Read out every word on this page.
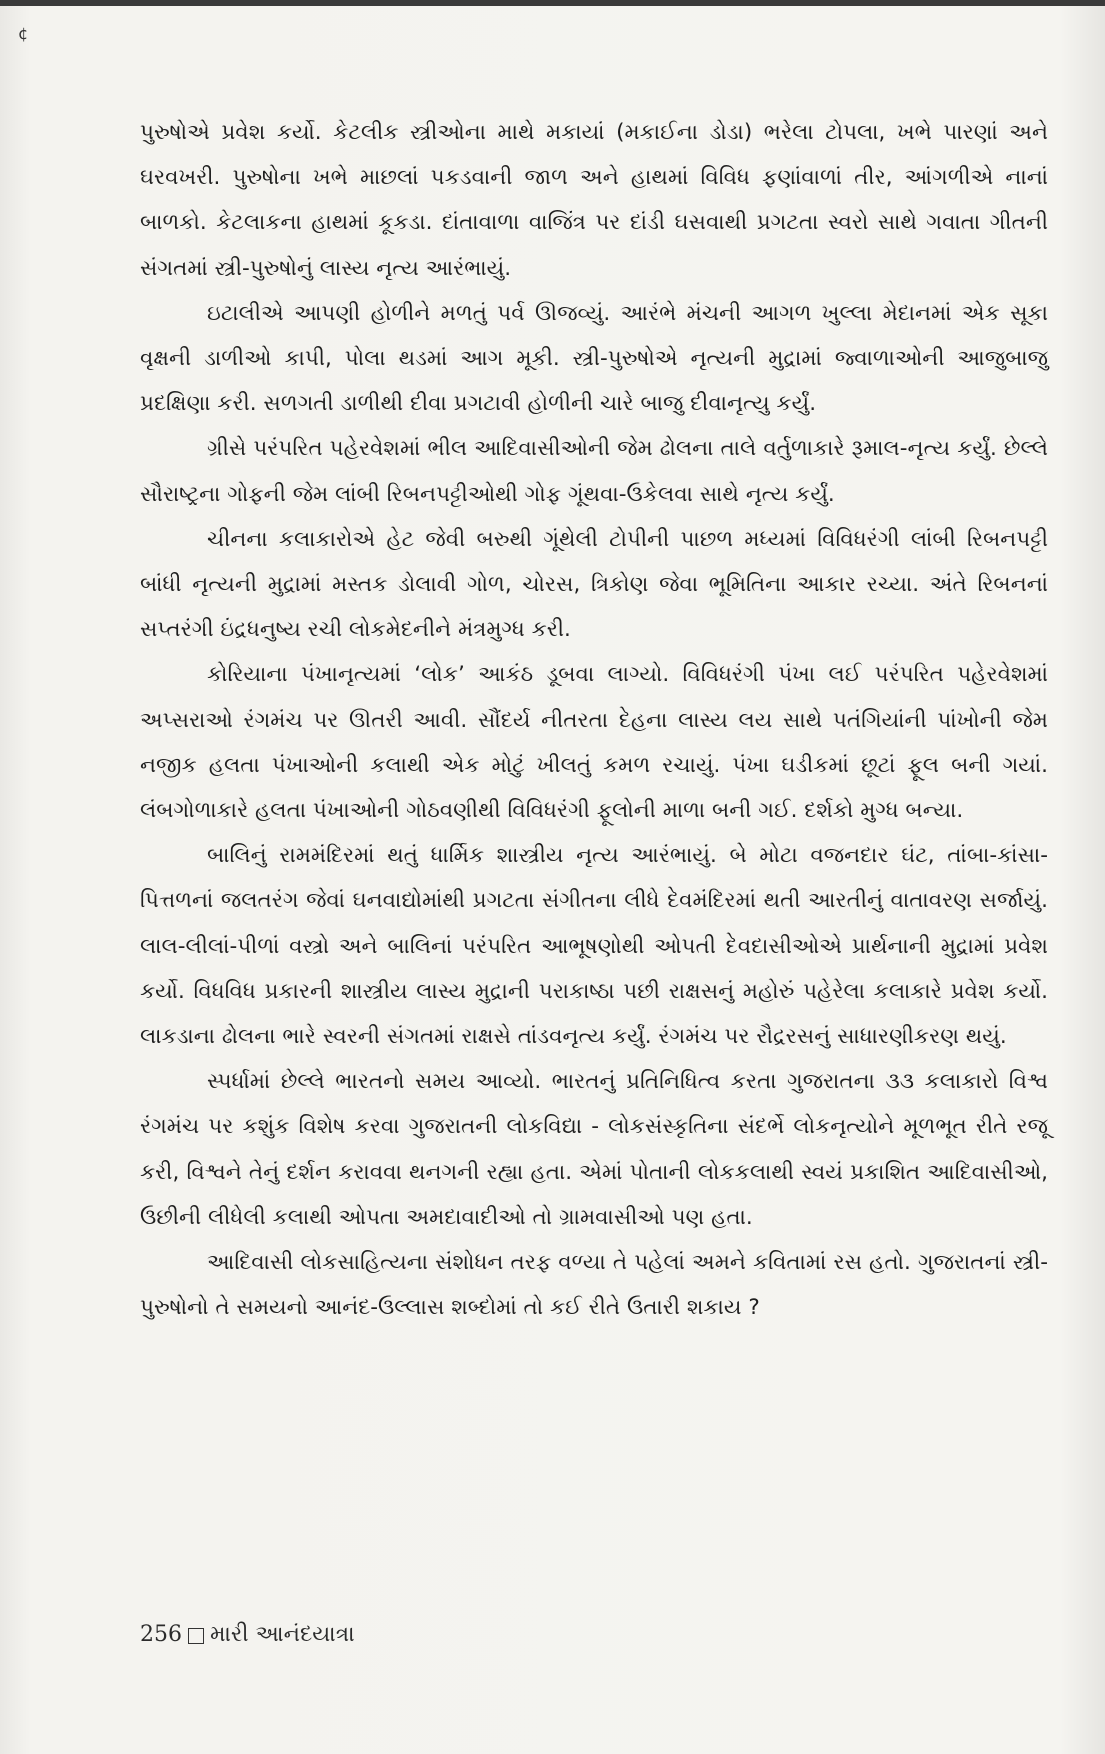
¢

પુરુષોએ પ્રવેશ કર્યો. કેટલીક સ્ત્રીઓના માથે મકાયાં (મકાઈના ડોડા) ભરેલા ટોપલા, ખભે પારણાં અને ઘરવખરી. પુરુષોના ખભે માછલાં પકડવાની જાળ અને હાથમાં વિવિધ ફણાંવાળાં તીર, આંગળીએ નાનાં બાળકો. કેટલાકના હાથમાં કૂકડા. દાંતાવાળા વાજિંત્ર પર દાંડી ઘસવાથી પ્રગટતા સ્વરો સાથે ગવાતા ગીતની સંગતમાં સ્ત્રી-પુરુષોનું લાસ્ય નૃત્ય આરંભાયું.

ઇટાલીએ આપણી હોળીને મળતું પર્વ ઊજવ્યું. આરંભે મંચની આગળ ખુલ્લા મેદાનમાં એક સૂકા વૃક્ષની ડાળીઓ કાપી, પોલા થડમાં આગ મૂકી. સ્ત્રી-પુરુષોએ નૃત્યની મુદ્રામાં જ્વાળાઓની આજુબાજુ પ્રદક્ષિણા કરી. સળગતી ડાળીથી દીવા પ્રગટાવી હોળીની ચારે બાજુ દીવાનૃત્યુ કર્યું.

ગ્રીસે પરંપરિત પહેરવેશમાં ભીલ આદિવાસીઓની જેમ ઢોલના તાલે વર્તુળાકારે રૂમાલ-નૃત્ય કર્યું. છેલ્લે સૌરાષ્ટ્રના ગોફની જેમ લાંબી રિબનપટ્ટીઓથી ગોફ ગૂંથવા-ઉકેલવા સાથે નૃત્ય કર્યું.

ચીનના કલાકારોએ હેટ જેવી બરુથી ગૂંથેલી ટોપીની પાછળ મધ્યમાં વિવિધરંગી લાંબી રિબનપટ્ટી બાંધી નૃત્યની મુદ્રામાં મસ્તક ડોલાવી ગોળ, ચોરસ, ત્રિકોણ જેવા ભૂમિતિના આકાર રચ્યા. અંતે રિબનનાં સપ્તરંગી ઇંદ્રધનુષ્ય રચી લોકમેદનીને મંત્રમુગ્ધ કરી.

કોરિયાના પંખાનૃત્યમાં ‘લોક’ આકંઠ ડૂબવા લાગ્યો. વિવિધરંગી પંખા લઈ પરંપરિત પહેરવેશમાં અપ્સરાઓ રંગમંચ પર ઊતરી આવી. સૌંદર્ય નીતરતા દેહના લાસ્ય લય સાથે પતંગિયાંની પાંખોની જેમ નજીક હલતા પંખાઓની કલાથી એક મોટું ખીલતું કમળ રચાયું. પંખા ઘડીકમાં છૂટાં ફૂલ બની ગયાં. લંબગોળાકારે હલતા પંખાઓની ગોઠવણીથી વિવિધરંગી ફૂલોની માળા બની ગઈ. દર્શકો મુગ્ધ બન્યા.

બાલિનું રામમંદિરમાં થતું ધાર્મિક શાસ્ત્રીય નૃત્ય આરંભાયું. બે મોટા વજનદાર ઘંટ, તાંબા-કાંસા-પિત્તળનાં જલતરંગ જેવાં ઘનવાદ્યોમાંથી પ્રગટતા સંગીતના લીધે દેવમંદિરમાં થતી આરતીનું વાતાવરણ સર્જાયું. લાલ-લીલાં-પીળાં વસ્ત્રો અને બાલિનાં પરંપરિત આભૂષણોથી ઓપતી દેવદાસીઓએ પ્રાર્થનાની મુદ્રામાં પ્રવેશ કર્યો. વિધવિધ પ્રકારની શાસ્ત્રીય લાસ્ય મુદ્રાની પરાકાષ્ઠા પછી રાક્ષસનું મહોરું પહેરેલા કલાકારે પ્રવેશ કર્યો. લાકડાના ઢોલના ભારે સ્વરની સંગતમાં રાક્ષસે તાંડવનૃત્ય કર્યું. રંગમંચ પર રૌદ્રરસનું સાધારણીકરણ થયું.

સ્પર્ધામાં છેલ્લે ભારતનો સમય આવ્યો. ભારતનું પ્રતિનિધિત્વ કરતા ગુજરાતના ૩૩ કલાકારો વિશ્વ રંગમંચ પર કશુંક વિશેષ કરવા ગુજરાતની લોકવિદ્યા - લોકસંસ્કૃતિના સંદર્ભે લોકનૃત્યોને મૂળભૂત રીતે રજૂ કરી, વિશ્વને તેનું દર્શન કરાવવા થનગની રહ્યા હતા. એમાં પોતાની લોકકલાથી સ્વયં પ્રકાશિત આદિવાસીઓ, ઉછીની લીધેલી કલાથી ઓપતા અમદાવાદીઓ તો ગ્રામવાસીઓ પણ હતા.

આદિવાસી લોકસાહિત્યના સંશોધન તરફ વળ્યા તે પહેલાં અમને કવિતામાં રસ હતો. ગુજરાતનાં સ્ત્રી-પુરુષોનો તે સમયનો આનંદ-ઉલ્લાસ શબ્દોમાં તો કઈ રીતે ઉતારી શકાય ?

256 મારી આનંદયાત્રા
